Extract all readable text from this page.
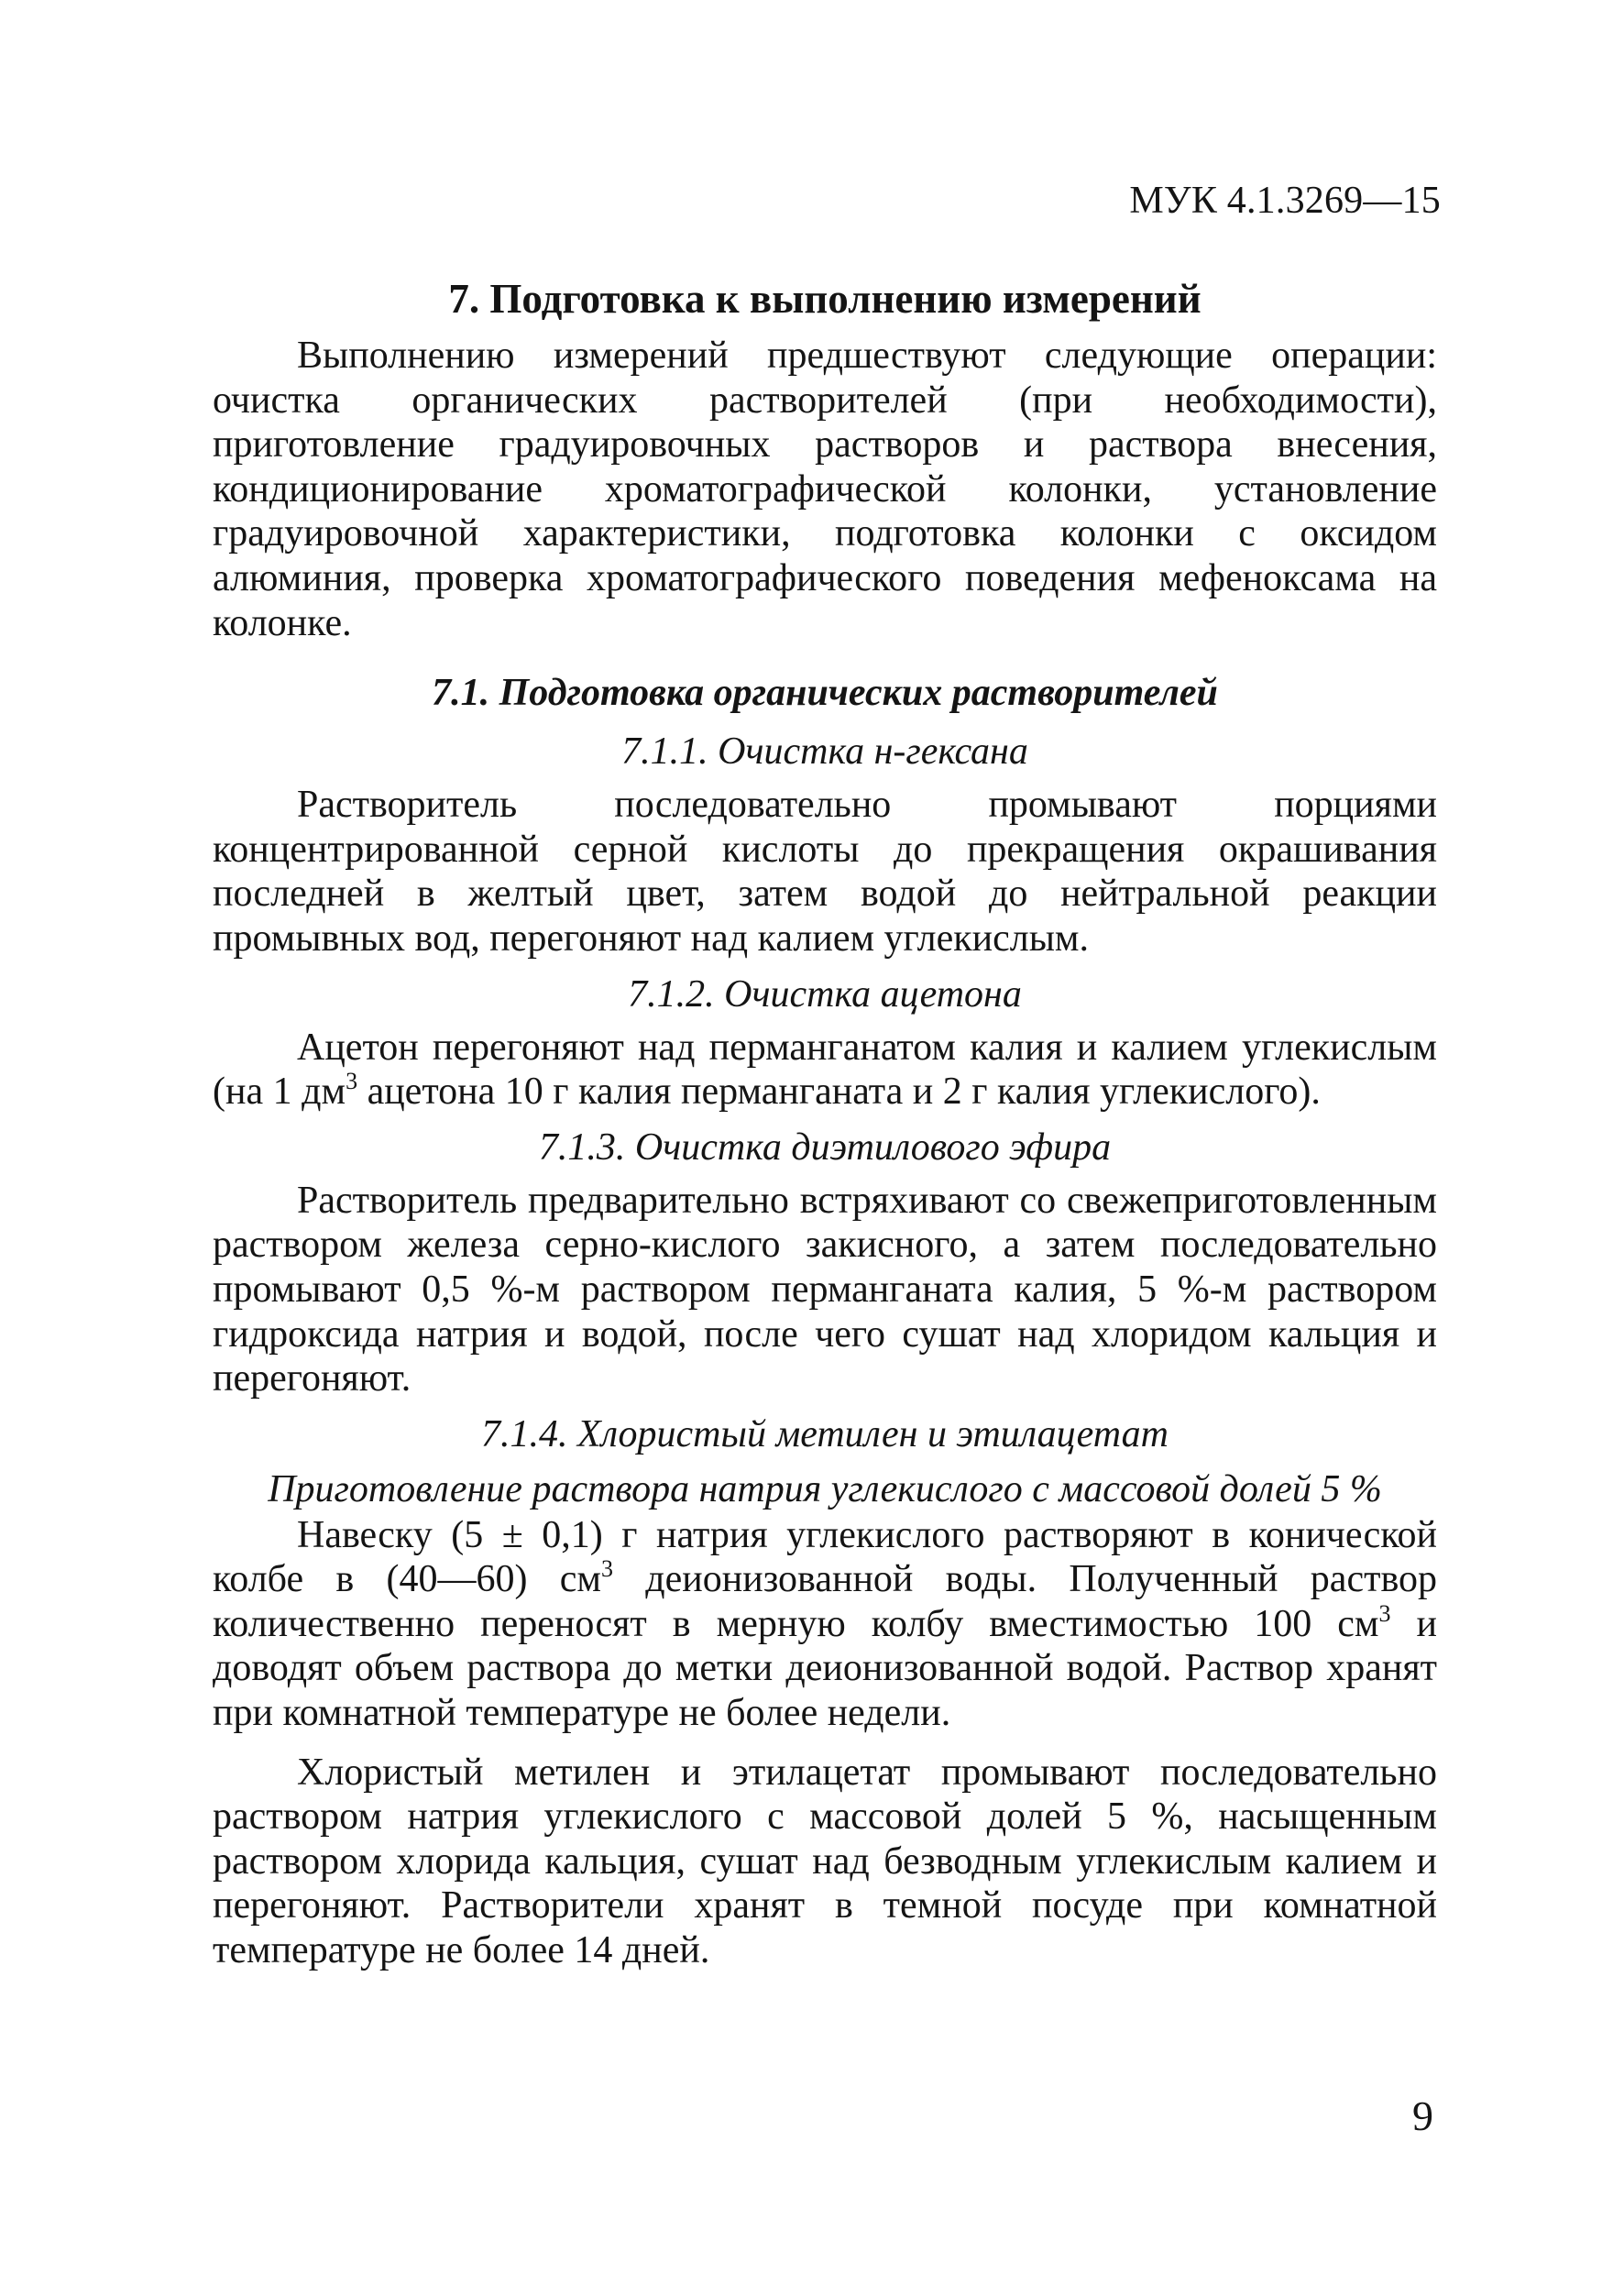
МУК 4.1.3269—15
7. Подготовка к выполнению измерений

Выполнению измерений предшествуют следующие операции: очистка органических растворителей (при необходимости), приготовление градуировочных растворов и раствора внесения, кондиционирование хроматографической колонки, установление градуировочной характеристики, подготовка колонки с оксидом алюминия, проверка хроматографического поведения мефеноксама на колонке.

7.1. Подготовка органических растворителей
7.1.1. Очистка н-гексана

Растворитель последовательно промывают порциями концентрированной серной кислоты до прекращения окрашивания последней в желтый цвет, затем водой до нейтральной реакции промывных вод, перегоняют над калием углекислым.

7.1.2. Очистка ацетона

Ацетон перегоняют над перманганатом калия и калием углекислым (на 1 $дм^3$ ацетона 10 г калия перманганата и 2 г калия углекислого).

7.1.3. Очистка диэтилового эфира

Растворитель предварительно встряхивают со свежеприготовленным раствором железа серно-кислого закисного, а затем последовательно промывают 0,5 %-м раствором перманганата калия, 5 %-м раствором гидроксида натрия и водой, после чего сушат над хлоридом кальция и перегоняют.

7.1.4. Хлористый метилен и этилацетат
Приготовление раствора натрия углекислого с массовой долей 5 %

Навеску (5 ± 0,1) г натрия углекислого растворяют в конической колбе в (40—60) $см^3$ деионизованной воды. Полученный раствор количественно переносят в мерную колбу вместимостью 100 $см^3$ и доводят объем раствора до метки деионизованной водой. Раствор хранят при комнатной температуре не более недели.

Хлористый метилен и этилацетат промывают последовательно раствором натрия углекислого с массовой долей 5 %, насыщенным раствором хлорида кальция, сушат над безводным углекислым калием и перегоняют. Растворители хранят в темной посуде при комнатной температуре не более 14 дней.

9
